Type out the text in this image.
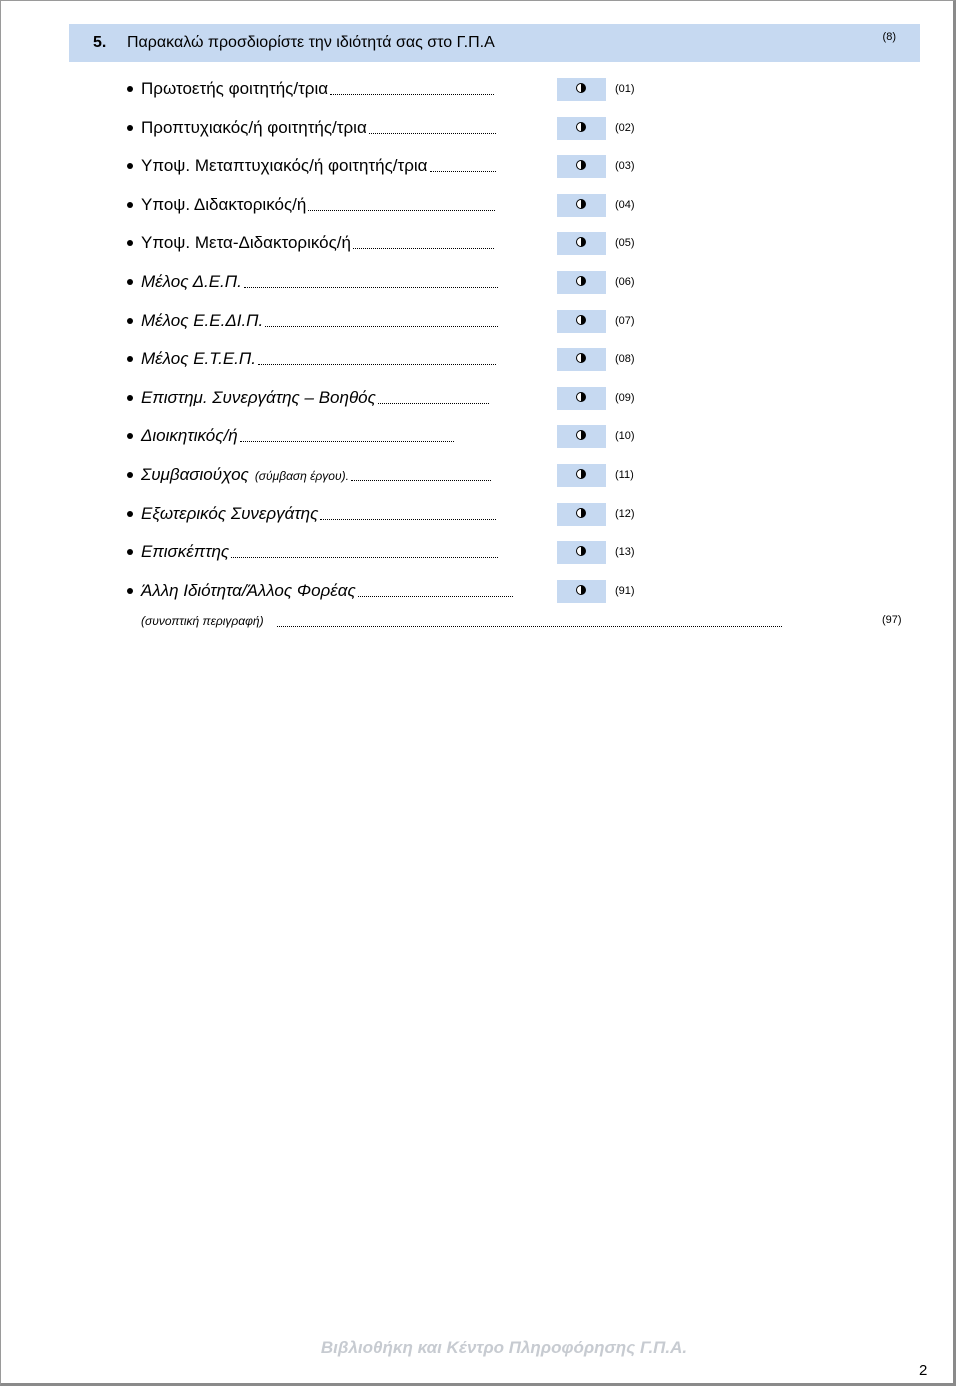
5. Παρακαλώ προσδιορίστε την ιδιότητά σας στο Γ.Π.Α	(8)
Πρωτοετής φοιτητής/τρια	(01)
Προπτυχιακός/ή φοιτητής/τρια	(02)
Υποψ. Μεταπτυχιακός/ή φοιτητής/τρια	(03)
Υποψ. Διδακτορικός/ή	(04)
Υποψ. Μετα-Διδακτορικός/ή	(05)
Μέλος Δ.Ε.Π.	(06)
Μέλος Ε.Ε.ΔΙ.Π.	(07)
Μέλος Ε.Τ.Ε.Π.	(08)
Επιστημ. Συνεργάτης – Βοηθός	(09)
Διοικητικός/ή	(10)
Συμβασιούχος (σύμβαση έργου).	(11)
Εξωτερικός Συνεργάτης	(12)
Επισκέπτης	(13)
Άλλη Ιδιότητα/Άλλος Φορέας	(91)
(συνοπτική περιγραφή)	(97)
Βιβλιοθήκη και Κέντρο Πληροφόρησης Γ.Π.Α.
2
